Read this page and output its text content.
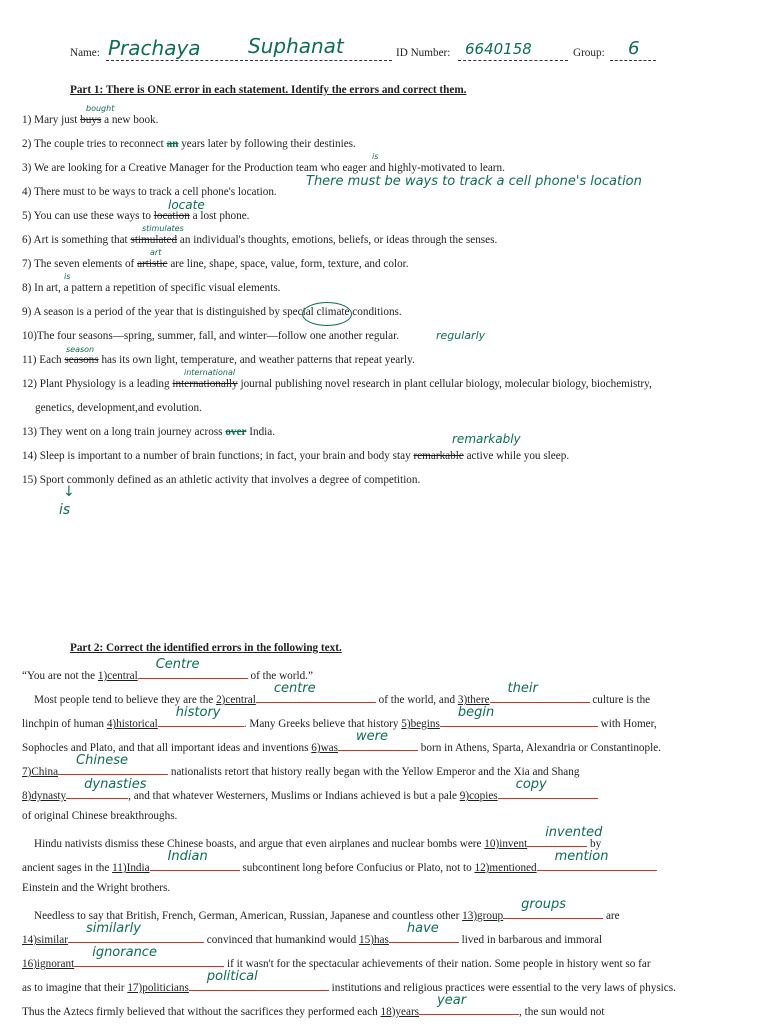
Name: Prachaya Suphanat	ID Number: 6640158	Group: 6
Part 1: There is ONE error in each statement. Identify the errors and correct them.
1) Mary just buys a new book.
bought
2) The couple tries to reconnect an years later by following their destinies.
3) We are looking for a Creative Manager for the Production team who eager and highly-motivated to learn.
is
4) There must to be ways to track a cell phone's location.
There must be ways to track a cell phone's location
5) You can use these ways to location a lost phone.
locate
6) Art is something that stimulated an individual's thoughts, emotions, beliefs, or ideas through the senses.
stimulates
7) The seven elements of artistic are line, shape, space, value, form, texture, and color.
art
8) In art, a pattern a repetition of specific visual elements.
is
9) A season is a period of the year that is distinguished by special climate conditions.
10)The four seasons—spring, summer, fall, and winter—follow one another regular.	regularly
11) Each seasons has its own light, temperature, and weather patterns that repeat yearly.
season
12) Plant Physiology is a leading internationally journal publishing novel research in plant cellular biology, molecular biology, biochemistry,
international
genetics, development,and evolution.
13) They went on a long train journey across over India.
14) Sleep is important to a number of brain functions; in fact, your brain and body stay remarkable active while you sleep.
remarkably
15) Sport commonly defined as an athletic activity that involves a degree of competition.
↓
is
Part 2: Correct the identified errors in the following text.
“You are not the 1)central
Centre
of the world.”
Most people tend to believe they are the 2)central
centre
of the world, and 3)there
their
culture is the
linchpin of human 4)historical
history
. Many Greeks believe that history 5)begins
begin
with Homer,
Sophocles and Plato, and that all important ideas and inventions 6)was
were
born in Athens, Sparta, Alexandria or Constantinople.
7)China
Chinese
nationalists retort that history really began with the Yellow Emperor and the Xia and Shang
8)dynasty
dynasties
, and that whatever Westerners, Muslims or Indians achieved is but a pale 9)copies
copy
of original Chinese breakthroughs.
Hindu nativists dismiss these Chinese boasts, and argue that even airplanes and nuclear bombs were 10)invent
invented
by
ancient sages in the 11)India
Indian
subcontinent long before Confucius or Plato, not to 12)mentioned
mention
Einstein and the Wright brothers.
Needless to say that British, French, German, American, Russian, Japanese and countless other 13)group
groups
are
14)similar
similarly
convinced that humankind would 15)has
have
lived in barbarous and immoral
16)ignorant
ignorance
if it wasn't for the spectacular achievements of their nation. Some people in history went so far
as to imagine that their 17)politicians
political
institutions and religious practices were essential to the very laws of physics.
Thus the Aztecs firmly believed that without the sacrifices they performed each 18)years
year
, the sun would not
